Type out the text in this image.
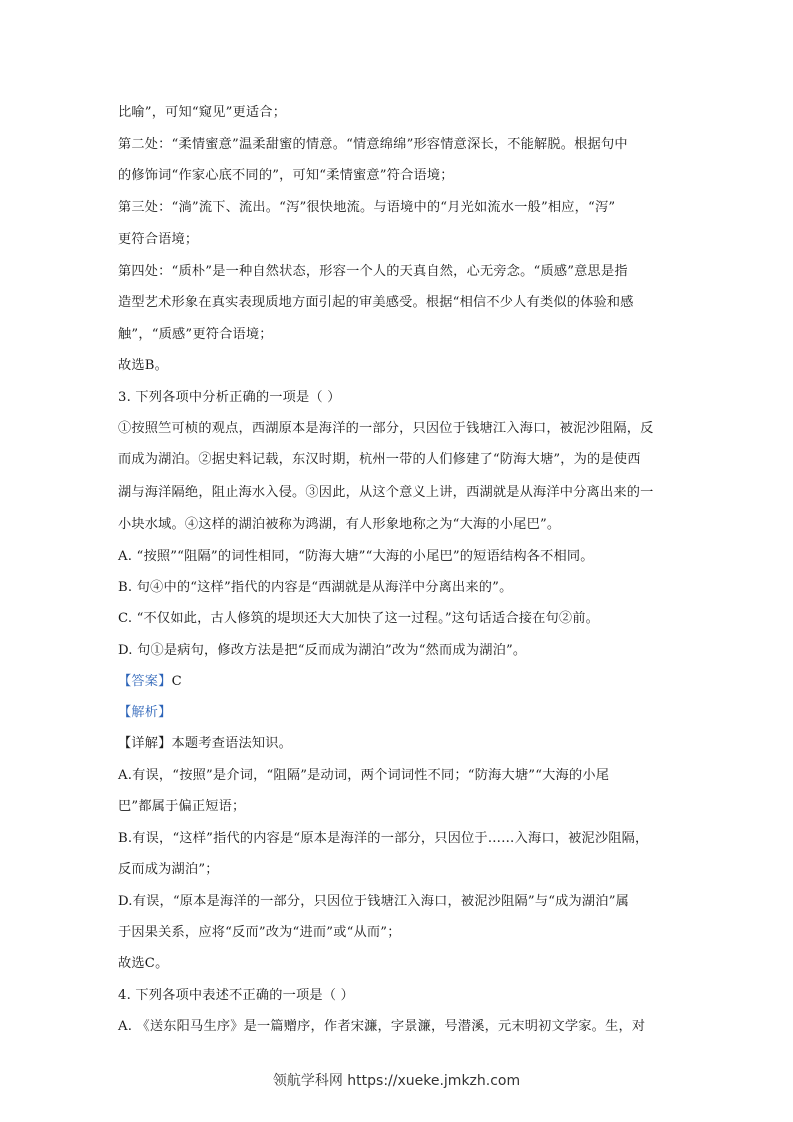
比喻”，可知“窥见”更适合；
第二处：“柔情蜜意”温柔甜蜜的情意。“情意绵绵”形容情意深长，不能解脱。根据句中
的修饰词“作家心底不同的”，可知“柔情蜜意”符合语境；
第三处：“淌”流下、流出。“泻”很快地流。与语境中的“月光如流水一般”相应，“泻”
更符合语境；
第四处：“质朴”是一种自然状态，形容一个人的天真自然，心无旁念。“质感”意思是指
造型艺术形象在真实表现质地方面引起的审美感受。根据“相信不少人有类似的体验和感
触”，“质感”更符合语境；
故选B。
3. 下列各项中分析正确的一项是（ ）
①按照竺可桢的观点，西湖原本是海洋的一部分，只因位于钱塘江入海口，被泥沙阻隔，反
而成为湖泊。②据史料记载，东汉时期，杭州一带的人们修建了“防海大塘”，为的是使西
湖与海洋隔绝，阻止海水入侵。③因此，从这个意义上讲，西湖就是从海洋中分离出来的一
小块水域。④这样的湖泊被称为鸿湖，有人形象地称之为“大海的小尾巴”。
A. “按照”“阻隔”的词性相同，“防海大塘”“大海的小尾巴”的短语结构各不相同。
B. 句④中的“这样”指代的内容是“西湖就是从海洋中分离出来的”。
C. “不仅如此，古人修筑的堤坝还大大加快了这一过程。”这句话适合接在句②前。
D. 句①是病句，修改方法是把“反而成为湖泊”改为“然而成为湖泊”。
【答案】C
【解析】
【详解】本题考查语法知识。
A.有误，“按照”是介词，“阻隔”是动词，两个词词性不同；“防海大塘”“大海的小尾
巴”都属于偏正短语；
B.有误，“这样”指代的内容是“原本是海洋的一部分，只因位于……入海口，被泥沙阻隔，
反而成为湖泊”；
D.有误，“原本是海洋的一部分，只因位于钱塘江入海口，被泥沙阻隔”与“成为湖泊”属
于因果关系，应将“反而”改为“进而”或“从而”；
故选C。
4. 下列各项中表述不正确的一项是（ ）
A. 《送东阳马生序》是一篇赠序，作者宋濂，字景濂，号潜溪，元末明初文学家。生，对
领航学科网 https://xueke.jmkzh.com
